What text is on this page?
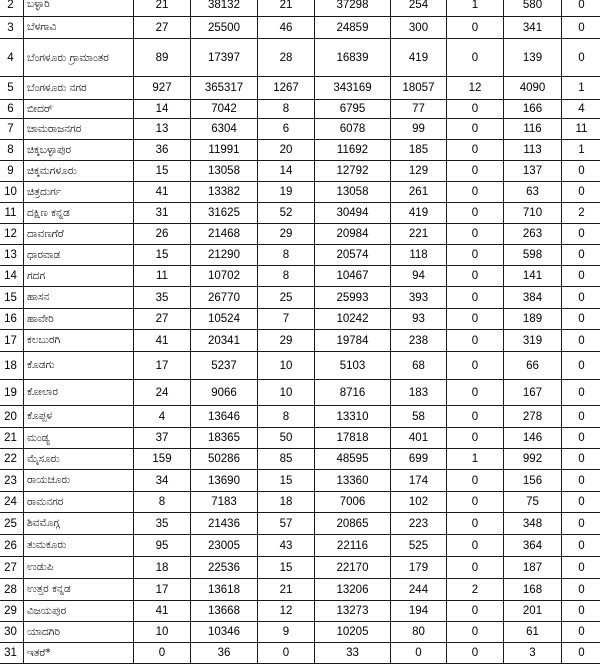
2	ಬಳ್ಳಾರಿ	21	38132	21	37298	254	1	580	0
3	ಬೆಳಗಾವಿ	27	25500	46	24859	300	0	341	0
4	ಬೆಂಗಳೂರು ಗ್ರಾಮಾಂತರ	89	17397	28	16839	419	0	139	0
5	ಬೆಂಗಳೂರು ನಗರ	927	365317	1267	343169	18057	12	4090	1
6	ಬೀದರ್	14	7042	8	6795	77	0	166	4
7	ಚಾಮರಾಜನಗರ	13	6304	6	6078	99	0	116	11
8	ಚಿಕ್ಕಬಳ್ಳಾಪುರ	36	11991	20	11692	185	0	113	1
9	ಚಿಕ್ಕಮಗಳೂರು	15	13058	14	12792	129	0	137	0
10	ಚಿತ್ರದುರ್ಗ	41	13382	19	13058	261	0	63	0
11	ದಕ್ಷಿಣ ಕನ್ನಡ	31	31625	52	30494	419	0	710	2
12	ದಾವಣಗೆರೆ	26	21468	29	20984	221	0	263	0
13	ಧಾರವಾಡ	15	21290	8	20574	118	0	598	0
14	ಗದಗ	11	10702	8	10467	94	0	141	0
15	ಹಾಸನ	35	26770	25	25993	393	0	384	0
16	ಹಾವೇರಿ	27	10524	7	10242	93	0	189	0
17	ಕಲಬುರಗಿ	41	20341	29	19784	238	0	319	0
18	ಕೊಡಗು	17	5237	10	5103	68	0	66	0
19	ಕೋಲಾರ	24	9066	10	8716	183	0	167	0
20	ಕೊಪ್ಪಳ	4	13646	8	13310	58	0	278	0
21	ಮಂಡ್ಯ	37	18365	50	17818	401	0	146	0
22	ಮೈಸೂರು	159	50286	85	48595	699	1	992	0
23	ರಾಯಚೂರು	34	13690	15	13360	174	0	156	0
24	ರಾಮನಗರ	8	7183	18	7006	102	0	75	0
25	ಶಿವಮೊಗ್ಗ	35	21436	57	20865	223	0	348	0
26	ತುಮಕೂರು	95	23005	43	22116	525	0	364	0
27	ಉಡುಪಿ	18	22536	15	22170	179	0	187	0
28	ಉತ್ತರ ಕನ್ನಡ	17	13618	21	13206	244	2	168	0
29	ವಿಜಯಪುರ	41	13668	12	13273	194	0	201	0
30	ಯಾದಗಿರಿ	10	10346	9	10205	80	0	61	0
31	ಇತರೆ*	0	36	0	33	0	0	3	0
